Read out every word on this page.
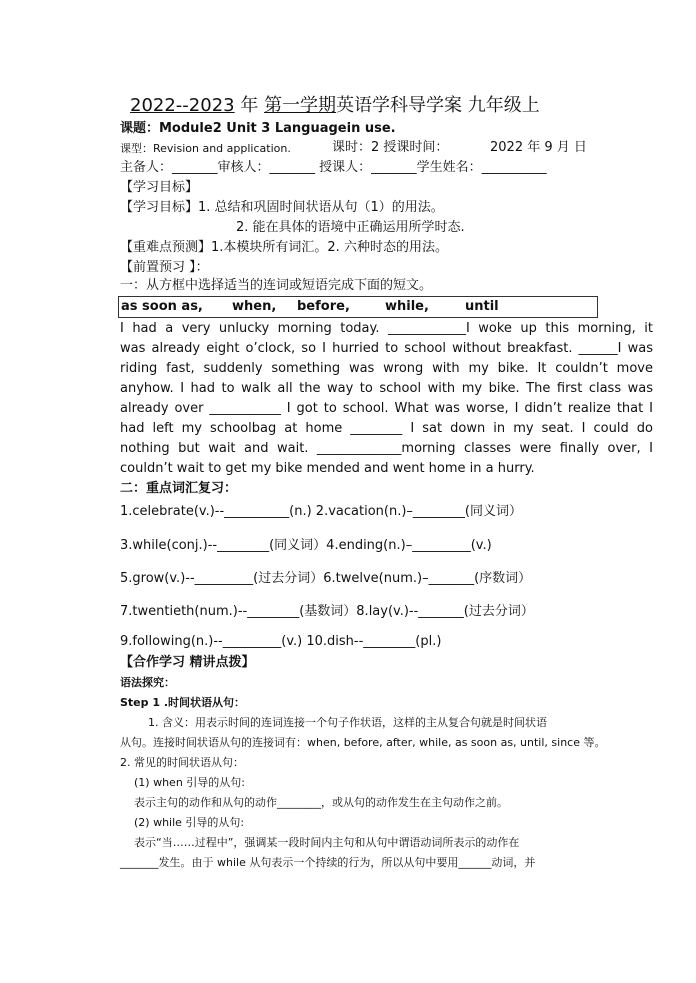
2022--2023 年 第一学期英语学科导学案 九年级上
课题：Module2 Unit 3 Languagein use.
课型：Revision and application.	课时：2 授课时间：	2022 年 9 月 日
主备人：_______审核人：_______ 授课人：_______学生姓名：__________
【学习目标】
【学习目标】1. 总结和巩固时间状语从句（1）的用法。
2. 能在具体的语境中正确运用所学时态.
【重难点预测】1.本模块所有词汇。2. 六种时态的用法。
【前置预习 】：
一：从方框中选择适当的连词或短语完成下面的短文。
as soon as, when, before,	while,	until
I had a very unlucky morning today. ____________I woke up this morning, it
was already eight o’clock, so I hurried to school without breakfast. ______I was
riding fast, suddenly something was wrong with my bike. It couldn’t move
anyhow. I had to walk all the way to school with my bike. The first class was
already over ___________ I got to school. What was worse, I didn’t realize that I
had left my schoolbag at home ________ I sat down in my seat. I could do
nothing but wait and wait. _____________morning classes were finally over, I
couldn’t wait to get my bike mended and went home in a hurry.
二：重点词汇复习：
1.celebrate(v.)--__________(n.) 2.vacation(n.)–________(同义词）
3.while(conj.)--________(同义词）4.ending(n.)–_________(v.)
5.grow(v.)--_________(过去分词）6.twelve(num.)–_______(序数词）
7.twentieth(num.)--________(基数词）8.lay(v.)--_______(过去分词）
9.following(n.)--_________(v.) 10.dish--________(pl.)
【合作学习 精讲点拨】
语法探究：
Step 1 .时间状语从句：
1. 含义：用表示时间的连词连接一个句子作状语，这样的主从复合句就是时间状语
从句。连接时间状语从句的连接词有：when, before, after, while, as soon as, until, since 等。
2. 常见的时间状语从句：
(1) when 引导的从句:
表示主句的动作和从句的动作________，或从句的动作发生在主句动作之前。
(2) while 引导的从句:
表示“当……过程中”，强调某一段时间内主句和从句中谓语动词所表示的动作在
_______发生。由于 while 从句表示一个持续的行为，所以从句中要用______动词，并
